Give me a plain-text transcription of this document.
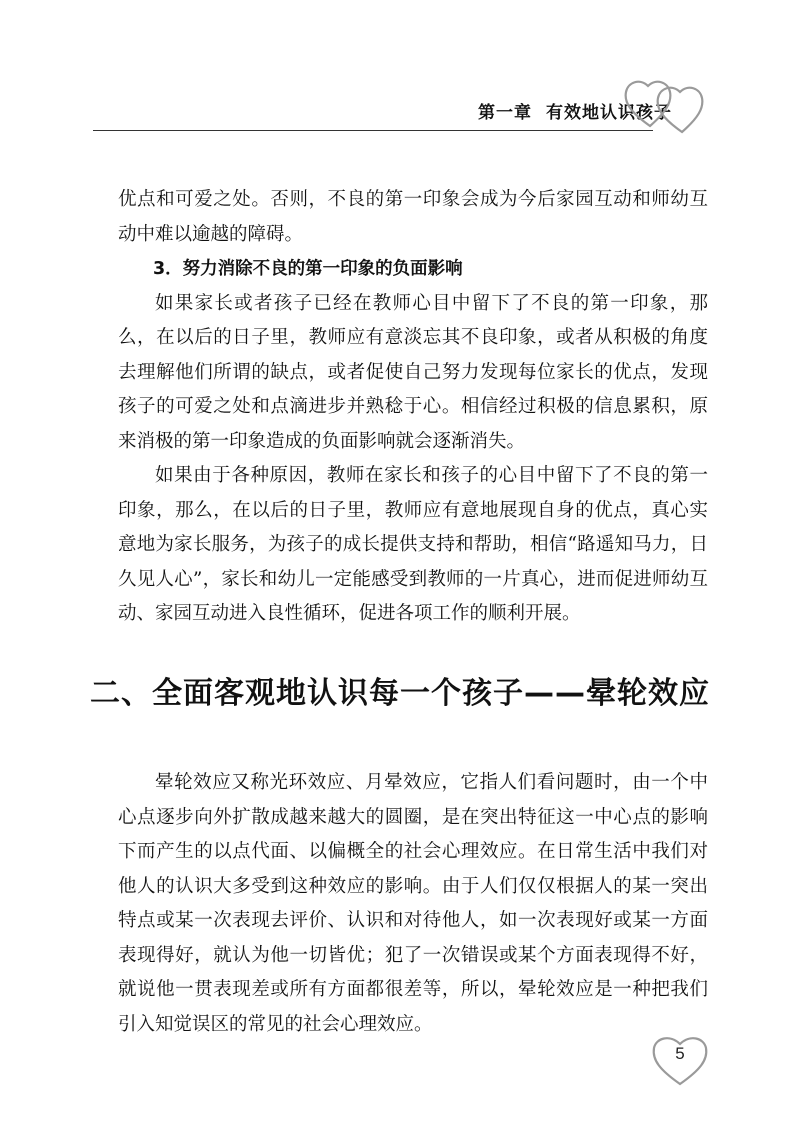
第一章 有效地认识孩子

优点和可爱之处。否则，不良的第一印象会成为今后家园互动和师幼互动中难以逾越的障碍。

3．努力消除不良的第一印象的负面影响

如果家长或者孩子已经在教师心目中留下了不良的第一印象，那么，在以后的日子里，教师应有意淡忘其不良印象，或者从积极的角度去理解他们所谓的缺点，或者促使自己努力发现每位家长的优点，发现孩子的可爱之处和点滴进步并熟稔于心。相信经过积极的信息累积，原来消极的第一印象造成的负面影响就会逐渐消失。

如果由于各种原因，教师在家长和孩子的心目中留下了不良的第一印象，那么，在以后的日子里，教师应有意地展现自身的优点，真心实意地为家长服务，为孩子的成长提供支持和帮助，相信“路遥知马力，日久见人心”，家长和幼儿一定能感受到教师的一片真心，进而促进师幼互动、家园互动进入良性循环，促进各项工作的顺利开展。

二、全面客观地认识每一个孩子——晕轮效应

晕轮效应又称光环效应、月晕效应，它指人们看问题时，由一个中心点逐步向外扩散成越来越大的圆圈，是在突出特征这一中心点的影响下而产生的以点代面、以偏概全的社会心理效应。在日常生活中我们对他人的认识大多受到这种效应的影响。由于人们仅仅根据人的某一突出特点或某一次表现去评价、认识和对待他人，如一次表现好或某一方面表现得好，就认为他一切皆优；犯了一次错误或某个方面表现得不好，就说他一贯表现差或所有方面都很差等，所以，晕轮效应是一种把我们引入知觉误区的常见的社会心理效应。

5
